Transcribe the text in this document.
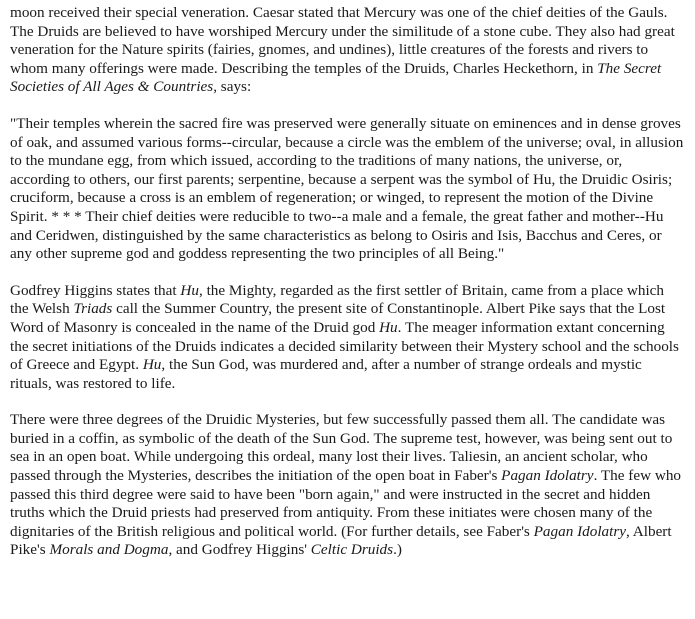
moon received their special veneration. Caesar stated that Mercury was one of the chief deities of the Gauls. The Druids are believed to have worshiped Mercury under the similitude of a stone cube. They also had great veneration for the Nature spirits (fairies, gnomes, and undines), little creatures of the forests and rivers to whom many offerings were made. Describing the temples of the Druids, Charles Heckethorn, in The Secret Societies of All Ages & Countries, says:

"Their temples wherein the sacred fire was preserved were generally situate on eminences and in dense groves of oak, and assumed various forms--circular, because a circle was the emblem of the universe; oval, in allusion to the mundane egg, from which issued, according to the traditions of many nations, the universe, or, according to others, our first parents; serpentine, because a serpent was the symbol of Hu, the Druidic Osiris; cruciform, because a cross is an emblem of regeneration; or winged, to represent the motion of the Divine Spirit. * * * Their chief deities were reducible to two--a male and a female, the great father and mother--Hu and Ceridwen, distinguished by the same characteristics as belong to Osiris and Isis, Bacchus and Ceres, or any other supreme god and goddess representing the two principles of all Being."

Godfrey Higgins states that Hu, the Mighty, regarded as the first settler of Britain, came from a place which the Welsh Triads call the Summer Country, the present site of Constantinople. Albert Pike says that the Lost Word of Masonry is concealed in the name of the Druid god Hu. The meager information extant concerning the secret initiations of the Druids indicates a decided similarity between their Mystery school and the schools of Greece and Egypt. Hu, the Sun God, was murdered and, after a number of strange ordeals and mystic rituals, was restored to life.

There were three degrees of the Druidic Mysteries, but few successfully passed them all. The candidate was buried in a coffin, as symbolic of the death of the Sun God. The supreme test, however, was being sent out to sea in an open boat. While undergoing this ordeal, many lost their lives. Taliesin, an ancient scholar, who passed through the Mysteries, describes the initiation of the open boat in Faber's Pagan Idolatry. The few who passed this third degree were said to have been "born again," and were instructed in the secret and hidden truths which the Druid priests had preserved from antiquity. From these initiates were chosen many of the dignitaries of the British religious and political world. (For further details, see Faber's Pagan Idolatry, Albert Pike's Morals and Dogma, and Godfrey Higgins' Celtic Druids.)
